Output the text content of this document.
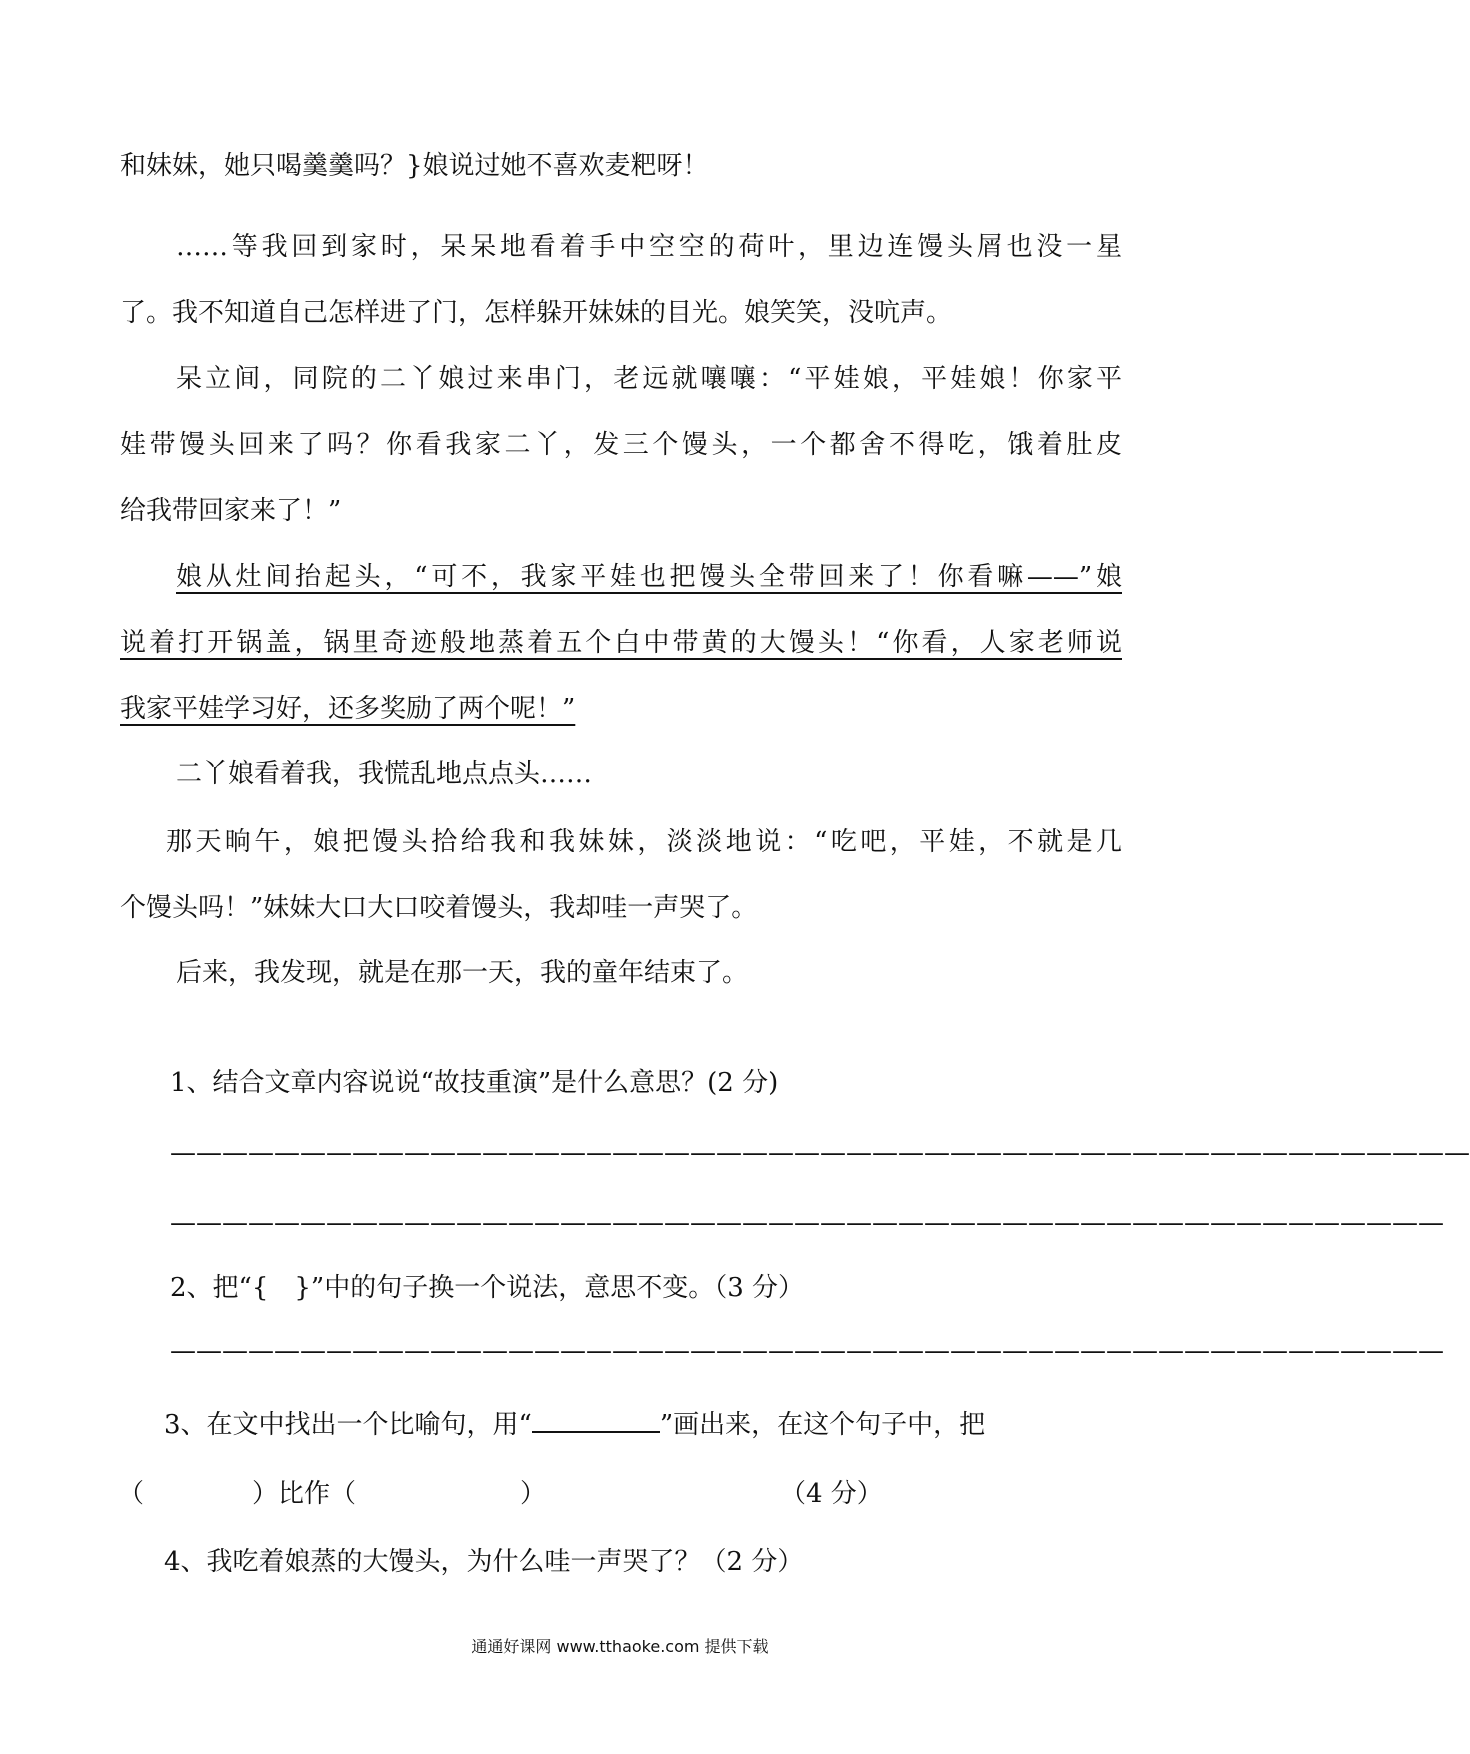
和妹妹，她只喝羹羹吗？}娘说过她不喜欢麦粑呀！
……等我回到家时，呆呆地看着手中空空的荷叶，里边连馒头屑也没一星
了。我不知道自己怎样进了门，怎样躲开妹妹的目光。娘笑笑，没吭声。
呆立间，同院的二丫娘过来串门，老远就嚷嚷：“平娃娘，平娃娘！你家平
娃带馒头回来了吗？你看我家二丫，发三个馒头，一个都舍不得吃，饿着肚皮
给我带回家来了！”
娘从灶间抬起头，“可不，我家平娃也把馒头全带回来了！你看嘛——”娘
说着打开锅盖，锅里奇迹般地蒸着五个白中带黄的大馒头！“你看，人家老师说
我家平娃学习好，还多奖励了两个呢！”
二丫娘看着我，我慌乱地点点头……
那天晌午，娘把馒头拾给我和我妹妹，淡淡地说：“吃吧，平娃，不就是几
个馒头吗！”妹妹大口大口咬着馒头，我却哇一声哭了。
后来，我发现，就是在那一天，我的童年结束了。
1、结合文章内容说说“故技重演”是什么意思？(2 分)
——————————————————————————————————————————————————
—————————————————————————————————————————————————
2、把“{　}”中的句子换一个说法，意思不变。（3 分）
—————————————————————————————————————————————————
3、在文中找出一个比喻句，用“	”画出来，在这个句子中，把
（	）比作（	）	（4 分）
4、我吃着娘蒸的大馒头，为什么哇一声哭了？（2 分）
通通好课网 www.tthaoke.com 提供下载
